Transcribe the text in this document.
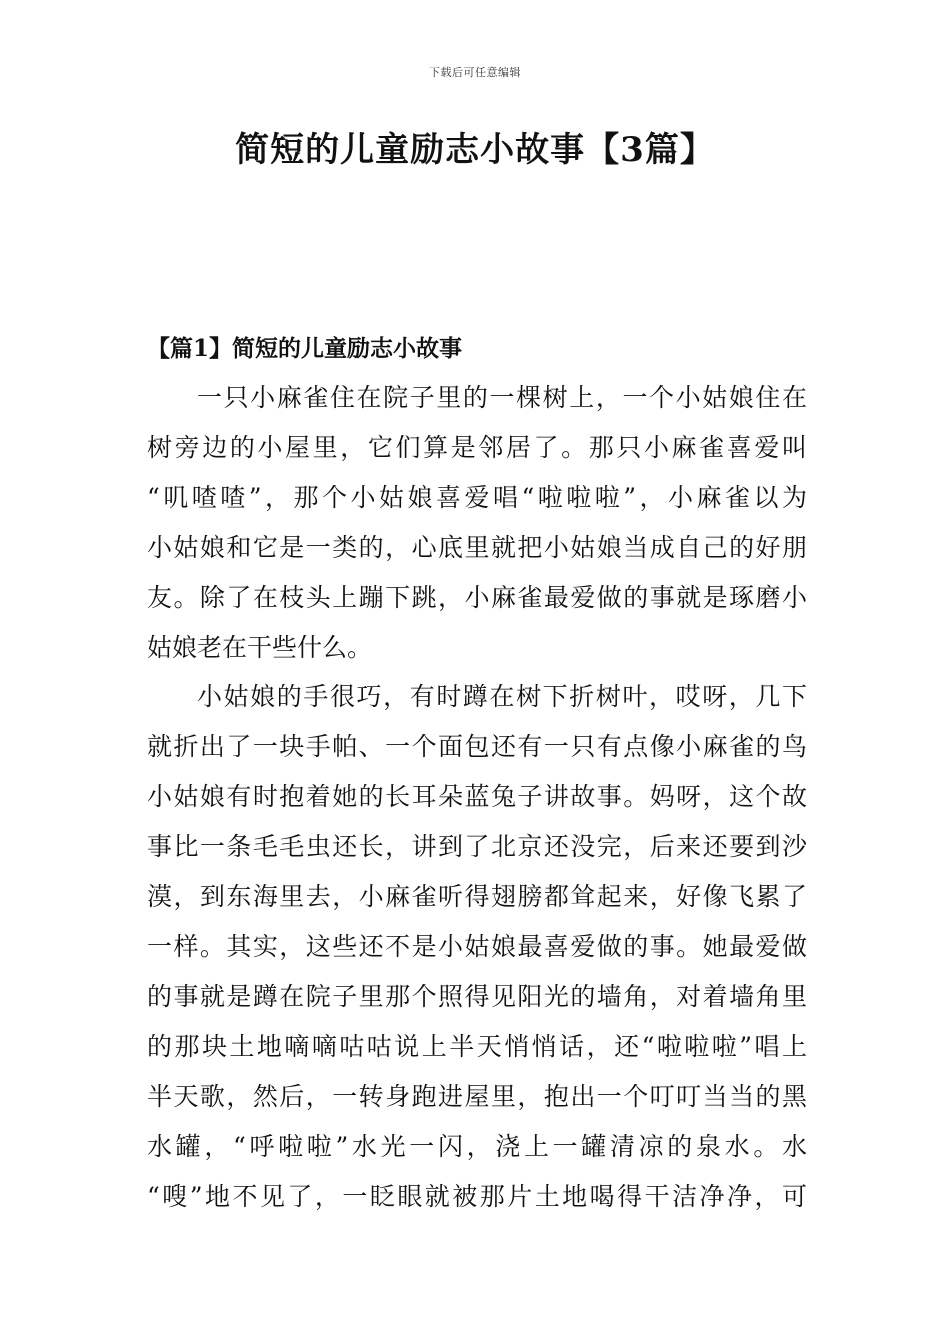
下载后可任意编辑
简短的儿童励志小故事【3篇】
【篇1】简短的儿童励志小故事
一只小麻雀住在院子里的一棵树上，一个小姑娘住在
树旁边的小屋里，它们算是邻居了。那只小麻雀喜爱叫
“叽喳喳”，那个小姑娘喜爱唱“啦啦啦”，小麻雀以为
小姑娘和它是一类的，心底里就把小姑娘当成自己的好朋
友。除了在枝头上蹦下跳，小麻雀最爱做的事就是琢磨小
姑娘老在干些什么。
小姑娘的手很巧，有时蹲在树下折树叶，哎呀，几下
就折出了一块手帕、一个面包还有一只有点像小麻雀的鸟
小姑娘有时抱着她的长耳朵蓝兔子讲故事。妈呀，这个故
事比一条毛毛虫还长，讲到了北京还没完，后来还要到沙
漠，到东海里去，小麻雀听得翅膀都耸起来，好像飞累了
一样。其实，这些还不是小姑娘最喜爱做的事。她最爱做
的事就是蹲在院子里那个照得见阳光的墙角，对着墙角里
的那块土地嘀嘀咕咕说上半天悄悄话，还“啦啦啦”唱上
半天歌，然后，一转身跑进屋里，抱出一个叮叮当当的黑
水罐，“呼啦啦”水光一闪，浇上一罐清凉的泉水。水
“嗖”地不见了，一眨眼就被那片土地喝得干洁净净，可
